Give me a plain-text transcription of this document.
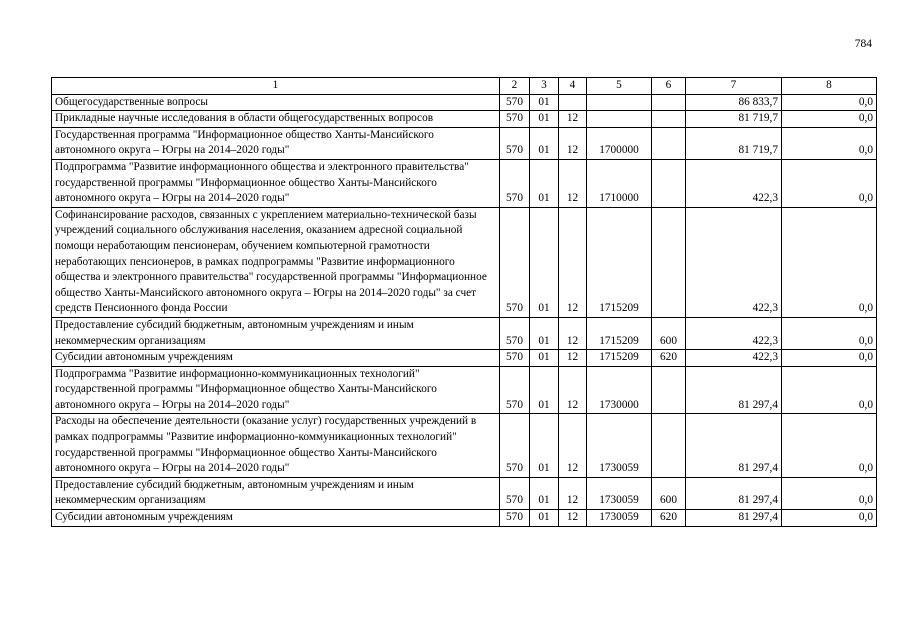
784
1	2	3	4	5	6	7	8
Общегосударственные вопросы	570	01				86 833,7	0,0
Прикладные научные исследования в области общегосударственных вопросов	570	01	12			81 719,7	0,0
Государственная программа "Информационное общество Ханты-Мансийского автономного округа – Югры на 2014–2020 годы"	570	01	12	1700000		81 719,7	0,0
Подпрограмма "Развитие информационного общества и электронного правительства" государственной программы "Информационное общество Ханты-Мансийского автономного округа – Югры на 2014–2020 годы"	570	01	12	1710000		422,3	0,0
Софинансирование расходов, связанных с укреплением материально-технической базы учреждений социального обслуживания населения, оказанием адресной социальной помощи неработающим пенсионерам, обучением компьютерной грамотности неработающих пенсионеров, в рамках подпрограммы "Развитие информационного общества и электронного правительства" государственной программы "Информационное общество Ханты-Мансийского автономного округа – Югры на 2014–2020 годы" за счет средств Пенсионного фонда России	570	01	12	1715209		422,3	0,0
Предоставление субсидий бюджетным, автономным учреждениям и иным некоммерческим организациям	570	01	12	1715209	600	422,3	0,0
Субсидии автономным учреждениям	570	01	12	1715209	620	422,3	0,0
Подпрограмма "Развитие информационно-коммуникационных технологий" государственной программы "Информационное общество Ханты-Мансийского автономного округа – Югры на 2014–2020 годы"	570	01	12	1730000		81 297,4	0,0
Расходы на обеспечение деятельности (оказание услуг) государственных учреждений в рамках подпрограммы "Развитие информационно-коммуникационных технологий" государственной программы "Информационное общество Ханты-Мансийского автономного округа – Югры на 2014–2020 годы"	570	01	12	1730059		81 297,4	0,0
Предоставление субсидий бюджетным, автономным учреждениям и иным некоммерческим организациям	570	01	12	1730059	600	81 297,4	0,0
Субсидии автономным учреждениям	570	01	12	1730059	620	81 297,4	0,0
